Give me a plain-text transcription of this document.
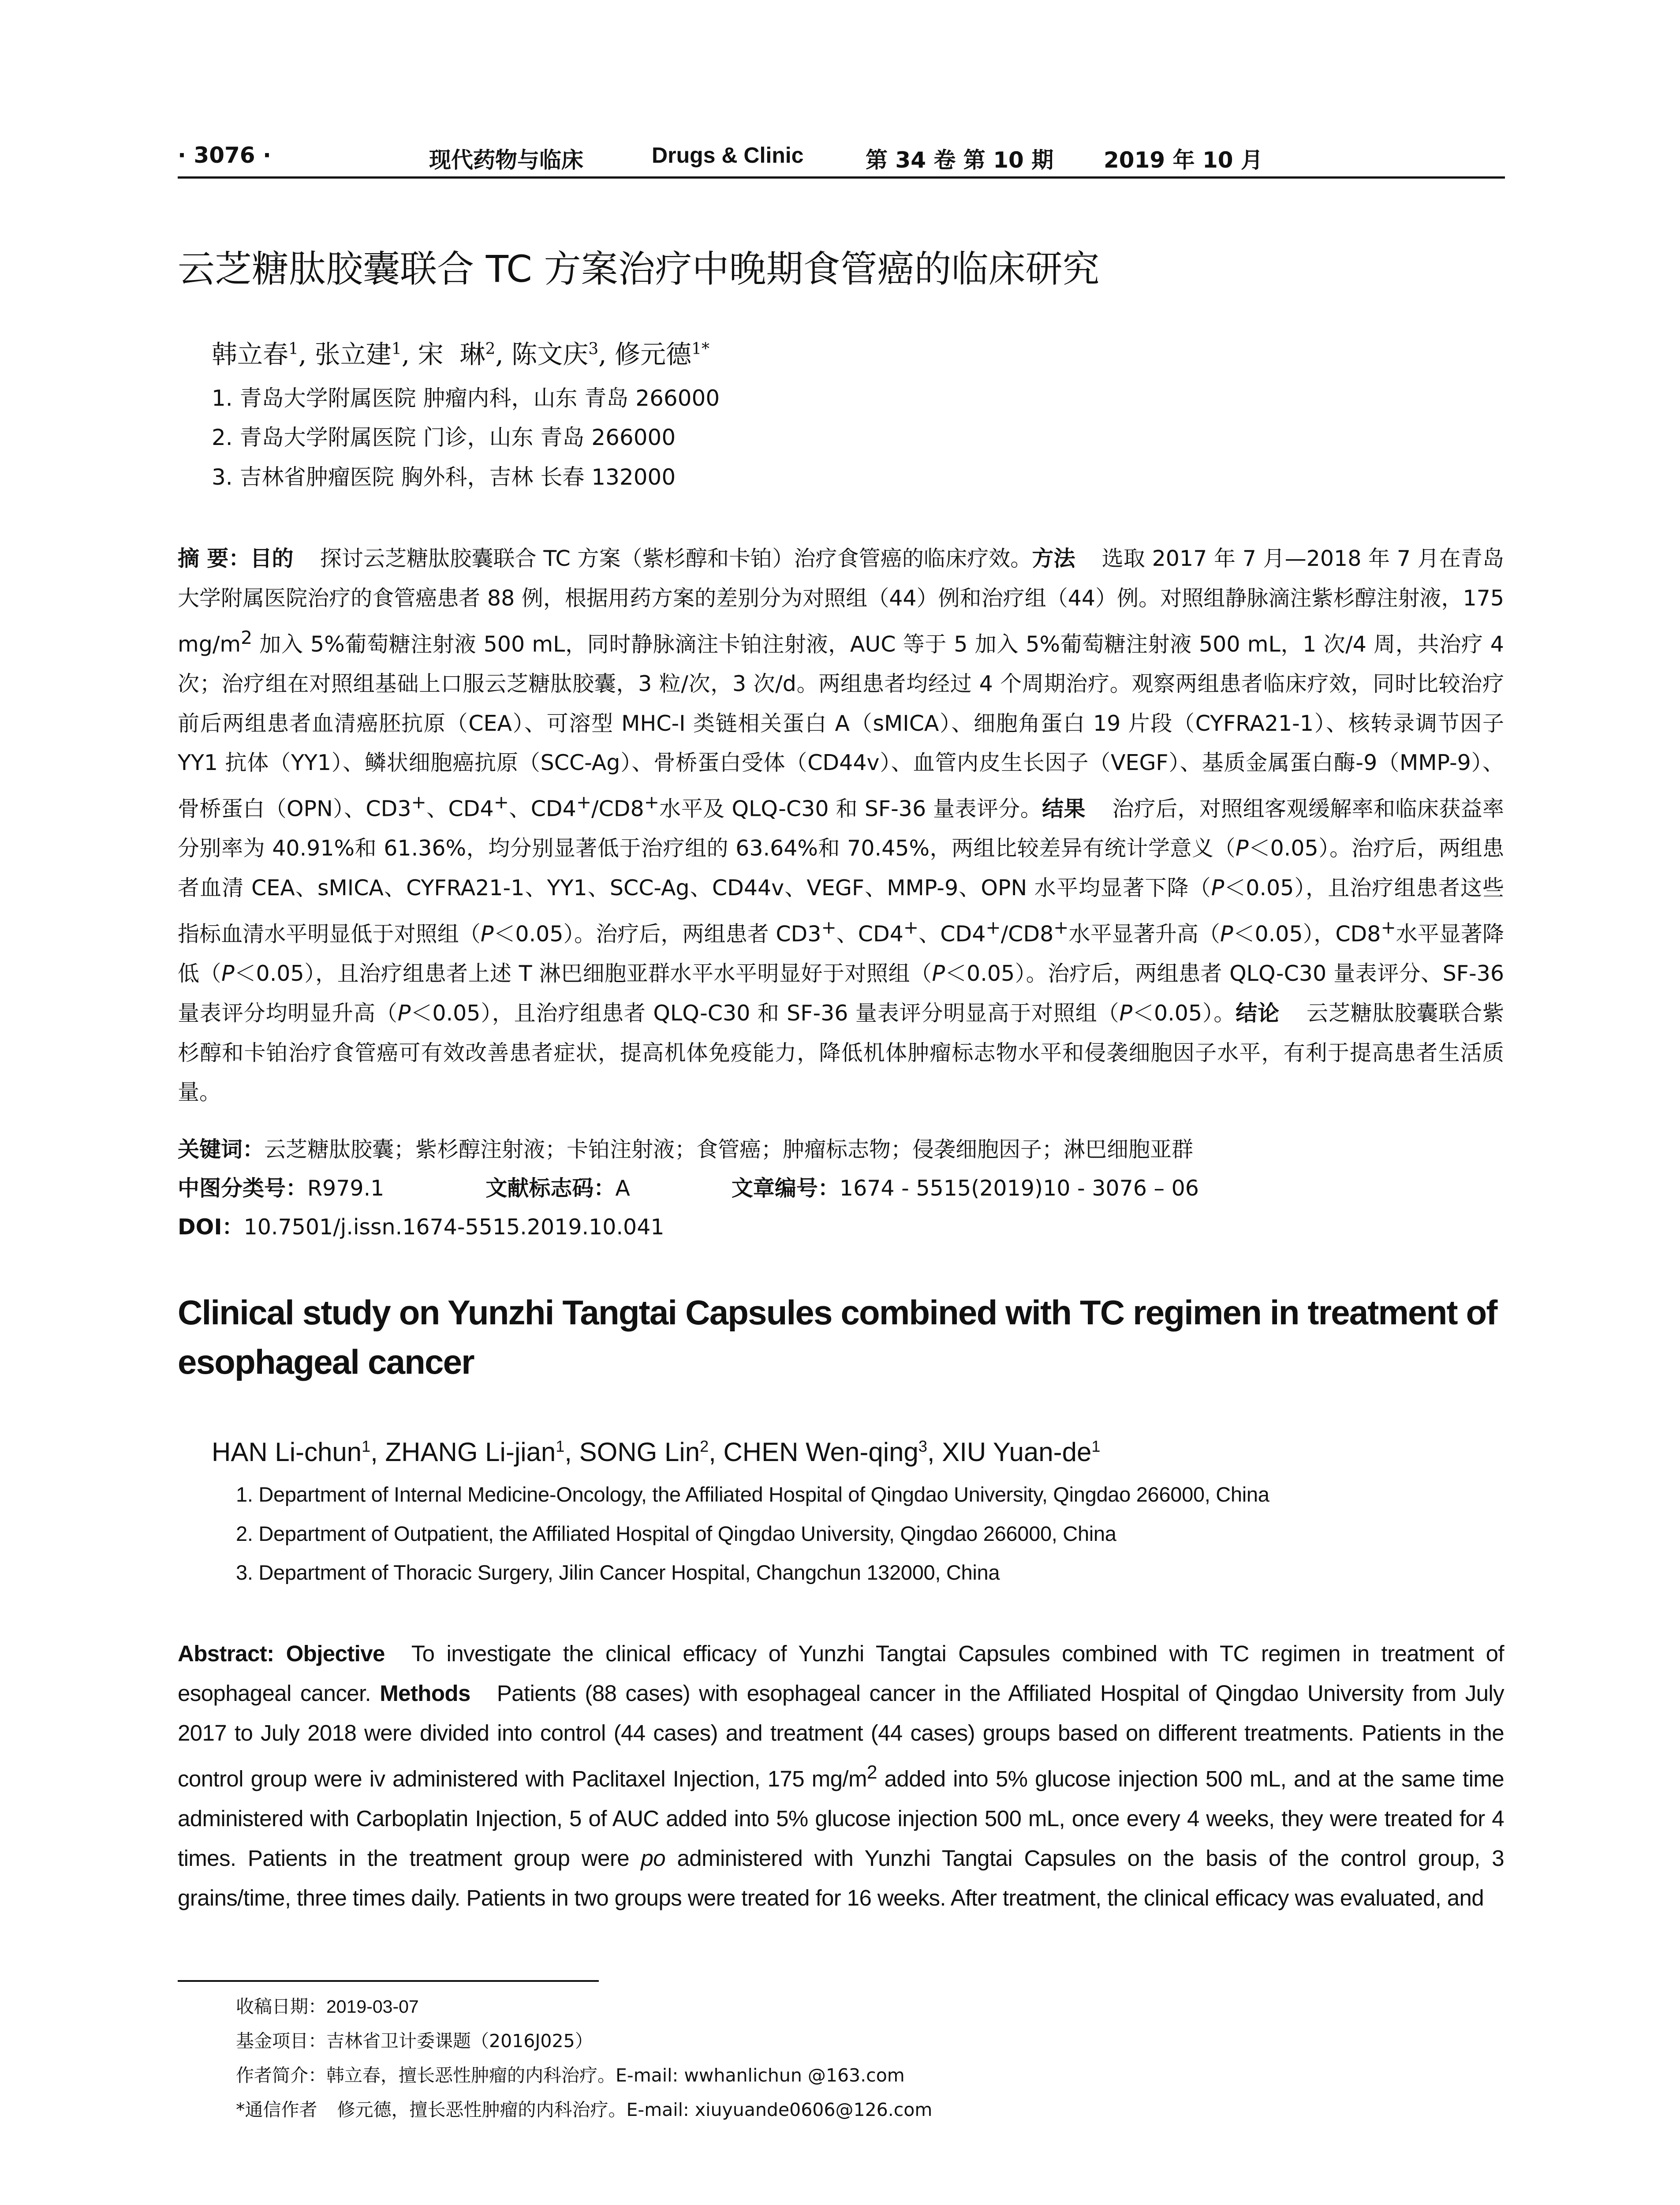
· 3076 ·	现代药物与临床	Drugs & Clinic	第 34 卷 第 10 期 2019 年 10 月
云芝糖肽胶囊联合 TC 方案治疗中晚期食管癌的临床研究
韩立春$^1$, 张立建$^1$, 宋  琳$^2$, 陈文庆$^3$, 修元德$^{1*}$
1. 青岛大学附属医院 肿瘤内科，山东 青岛 266000
2. 青岛大学附属医院 门诊，山东 青岛 266000
3. 吉林省肿瘤医院 胸外科，吉林 长春 132000
摘 要：目的 探讨云芝糖肽胶囊联合 TC 方案（紫杉醇和卡铂）治疗食管癌的临床疗效。方法 选取 2017 年 7 月—2018 年 7 月在青岛大学附属医院治疗的食管癌患者 88 例，根据用药方案的差别分为对照组（44）例和治疗组（44）例。对照组静脉滴注紫杉醇注射液，175 $mg/m^2$ 加入 5%葡萄糖注射液 500 mL，同时静脉滴注卡铂注射液，AUC 等于 5 加入 5%葡萄糖注射液 500 mL，1 次/4 周，共治疗 4 次；治疗组在对照组基础上口服云芝糖肽胶囊，3 粒/次，3 次/d。两组患者均经过 4 个周期治疗。观察两组患者临床疗效，同时比较治疗前后两组患者血清癌胚抗原（CEA）、可溶型 MHC-I 类链相关蛋白 A（sMICA）、细胞角蛋白 19 片段（CYFRA21-1）、核转录调节因子 YY1 抗体（YY1）、鳞状细胞癌抗原（SCC-Ag）、骨桥蛋白受体（CD44v）、血管内皮生长因子（VEGF）、基质金属蛋白酶-9（MMP-9）、骨桥蛋白（OPN）、CD3+、CD4+、CD4+/CD8+水平及 QLQ-C30 和 SF-36 量表评分。结果 治疗后，对照组客观缓解率和临床获益率分别率为 40.91%和 61.36%，均分别显著低于治疗组的 63.64%和 70.45%，两组比较差异有统计学意义（P＜0.05）。治疗后，两组患者血清 CEA、sMICA、CYFRA21-1、YY1、SCC-Ag、CD44v、VEGF、MMP-9、OPN 水平均显著下降（P＜0.05），且治疗组患者这些指标血清水平明显低于对照组（P＜0.05）。治疗后，两组患者 CD3+、CD4+、CD4+/CD8+水平显著升高（P＜0.05），CD8+水平显著降低（P＜0.05），且治疗组患者上述 T 淋巴细胞亚群水平水平明显好于对照组（P＜0.05）。治疗后，两组患者 QLQ-C30 量表评分、SF-36 量表评分均明显升高（P＜0.05），且治疗组患者 QLQ-C30 和 SF-36 量表评分明显高于对照组（P＜0.05）。结论 云芝糖肽胶囊联合紫杉醇和卡铂治疗食管癌可有效改善患者症状，提高机体免疫能力，降低机体肿瘤标志物水平和侵袭细胞因子水平，有利于提高患者生活质量。
关键词：云芝糖肽胶囊；紫杉醇注射液；卡铂注射液；食管癌；肿瘤标志物；侵袭细胞因子；淋巴细胞亚群
中图分类号：R979.1	文献标志码：A	文章编号：1674 - 5515(2019)10 - 3076 – 06
DOI：10.7501/j.issn.1674-5515.2019.10.041
Clinical study on Yunzhi Tangtai Capsules combined with TC regimen in treatment of esophageal cancer
HAN Li-chun$^1$, ZHANG Li-jian$^1$, SONG Lin$^2$, CHEN Wen-qing$^3$, XIU Yuan-$de^1$
1. Department of Internal Medicine-Oncology, the Affiliated Hospital of Qingdao University, Qingdao 266000, China
2. Department of Outpatient, the Affiliated Hospital of Qingdao University, Qingdao 266000, China
3. Department of Thoracic Surgery, Jilin Cancer Hospital, Changchun 132000, China
Abstract: Objective To investigate the clinical efficacy of Yunzhi Tangtai Capsules combined with TC regimen in treatment of esophageal cancer. Methods Patients (88 cases) with esophageal cancer in the Affiliated Hospital of Qingdao University from July 2017 to July 2018 were divided into control (44 cases) and treatment (44 cases) groups based on different treatments. Patients in the control group were iv administered with Paclitaxel Injection, 175 $mg/m^2$ added into 5% glucose injection 500 mL, and at the same time administered with Carboplatin Injection, 5 of AUC added into 5% glucose injection 500 mL, once every 4 weeks, they were treated for 4 times. Patients in the treatment group were po administered with Yunzhi Tangtai Capsules on the basis of the control group, 3 grains/time, three times daily. Patients in two groups were treated for 16 weeks. After treatment, the clinical efficacy was evaluated, and
收稿日期：2019-03-07
基金项目：吉林省卫计委课题（2016J025）
作者简介：韩立春，擅长恶性肿瘤的内科治疗。E-mail: wwhanlichun @163.com
*通信作者 修元德，擅长恶性肿瘤的内科治疗。E-mail: xiuyuande0606@126.com
